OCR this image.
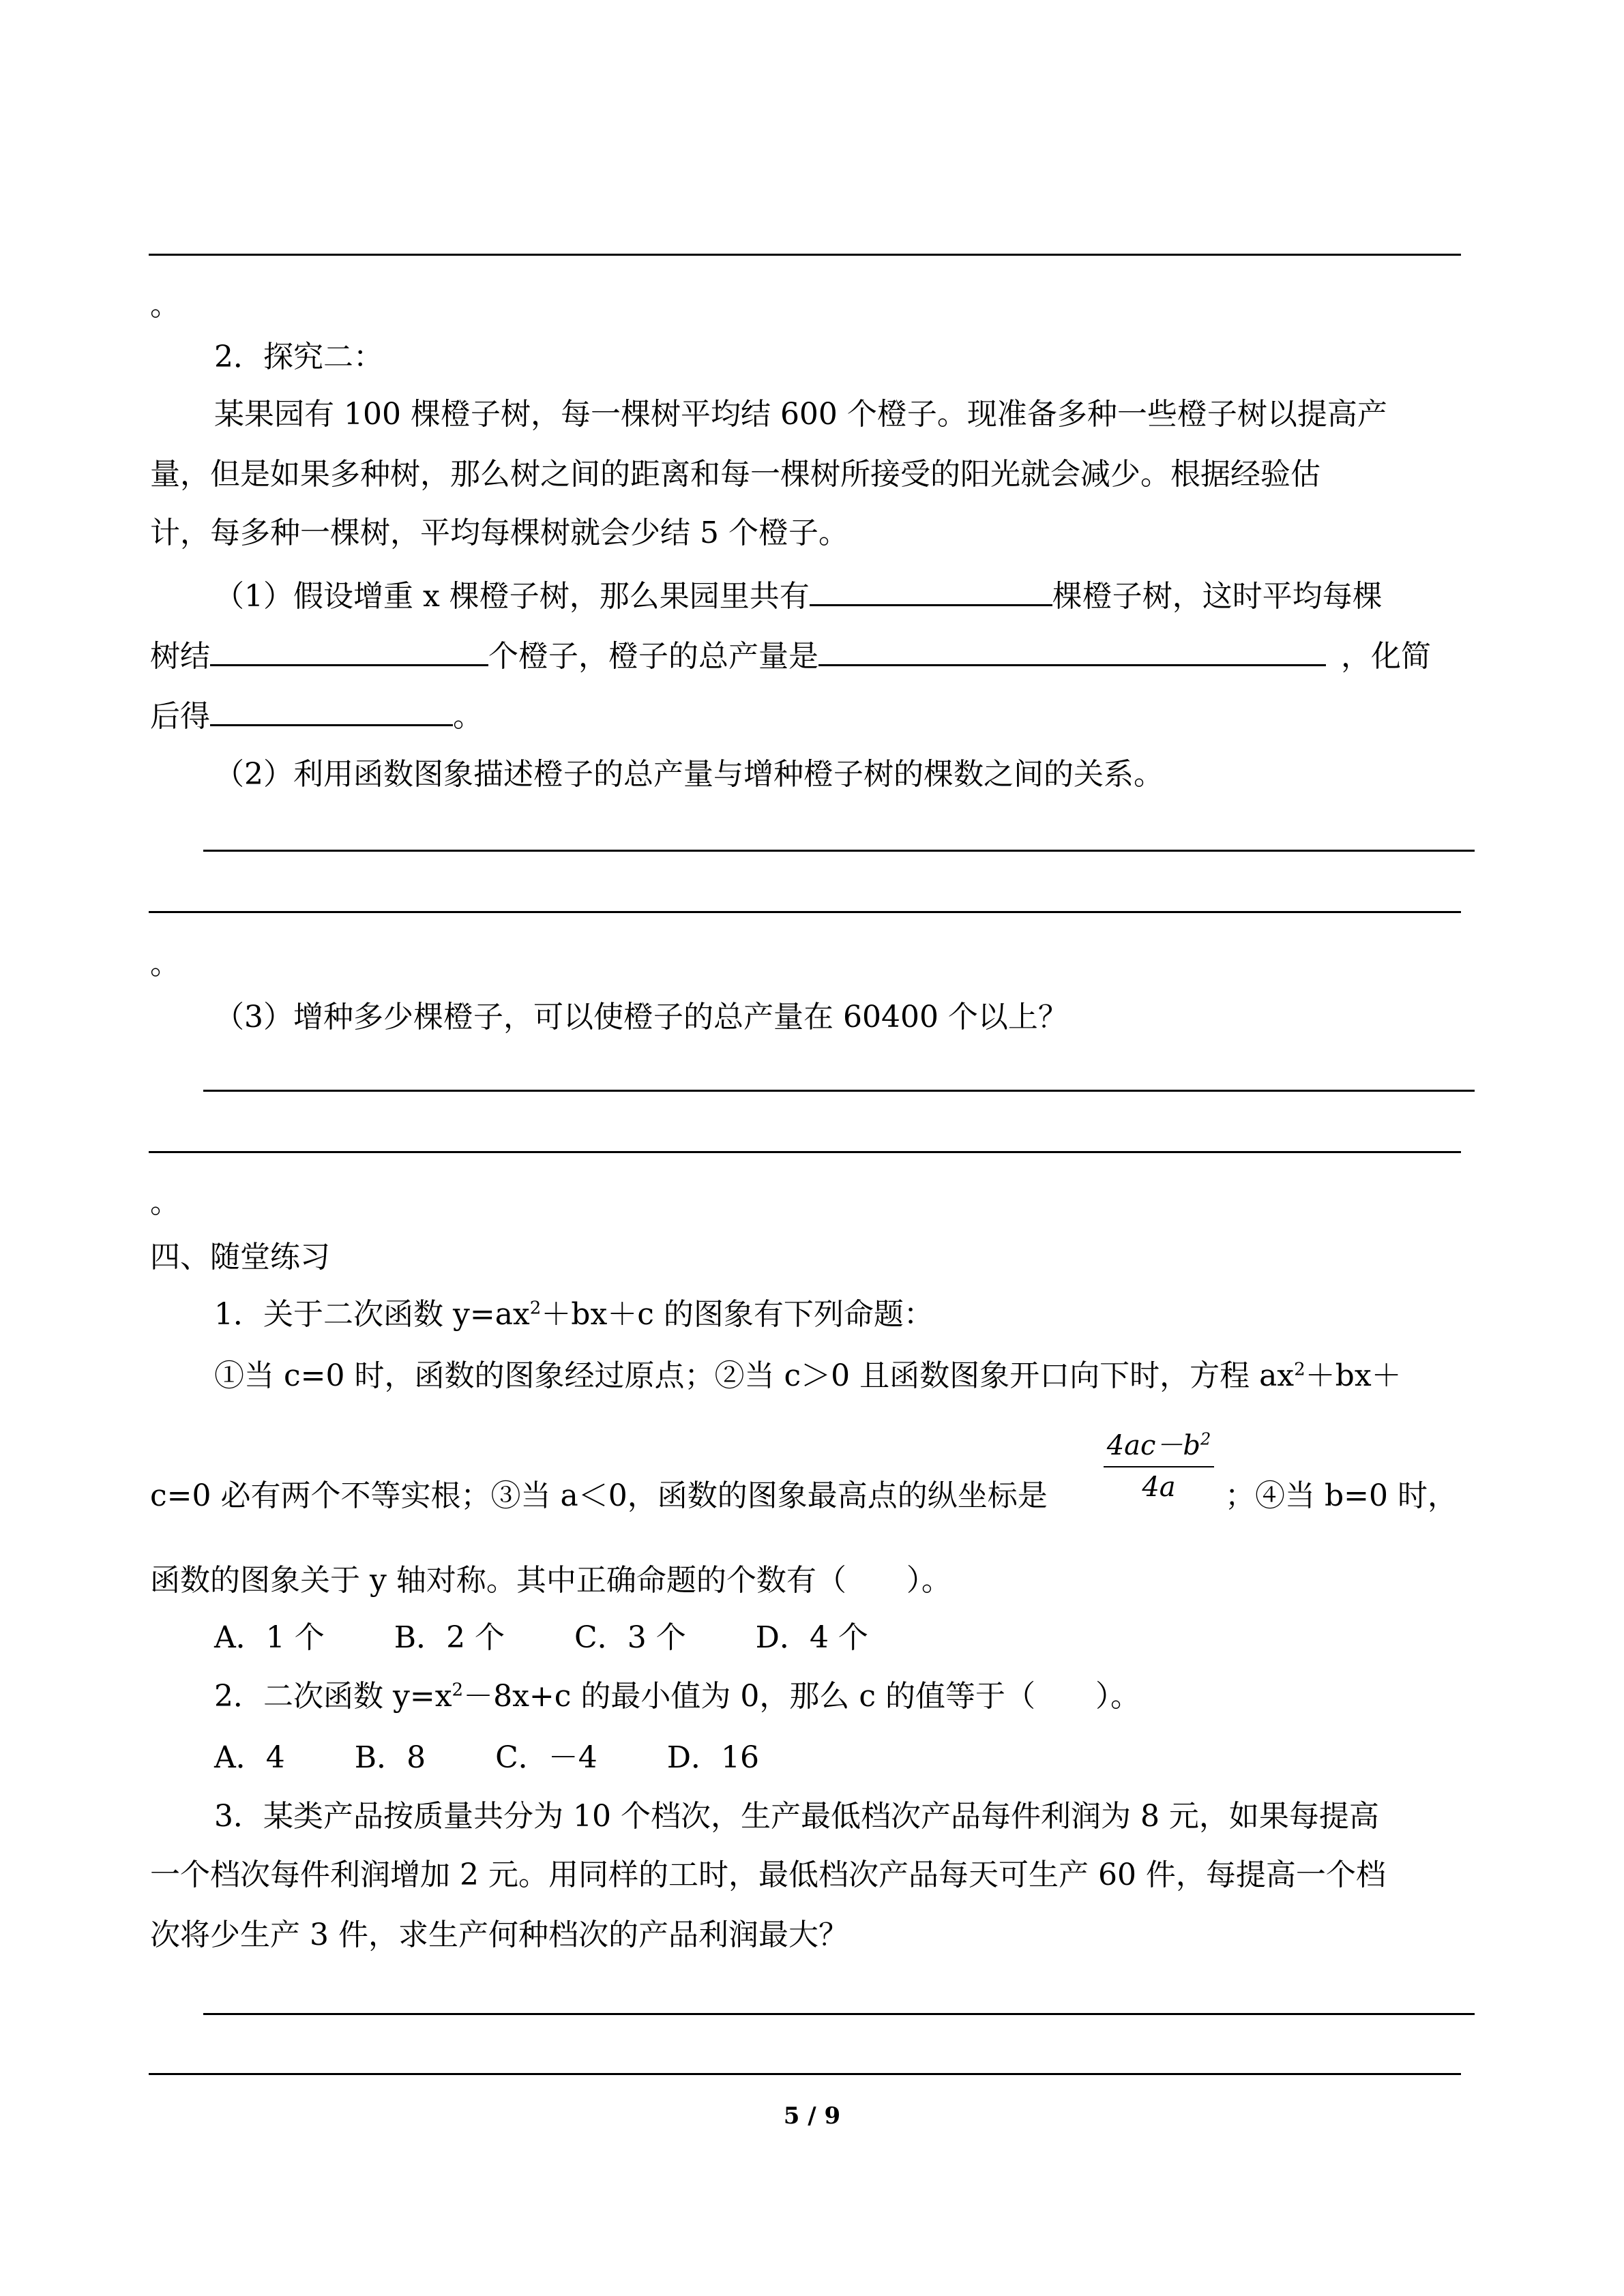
。
2．探究二：
某果园有 100 棵橙子树，每一棵树平均结 600 个橙子。现准备多种一些橙子树以提高产
量，但是如果多种树，那么树之间的距离和每一棵树所接受的阳光就会减少。根据经验估
计，每多种一棵树，平均每棵树就会少结 5 个橙子。
（1）假设增重 x 棵橙子树，那么果园里共有	棵橙子树，这时平均每棵
树结	个橙子，橙子的总产量是	，化简
后得	。
（2）利用函数图象描述橙子的总产量与增种橙子树的棵数之间的关系。
。
（3）增种多少棵橙子，可以使橙子的总产量在 60400 个以上？
。
四、随堂练习
1．关于二次函数 $y=ax^2+bx+c$ 的图象有下列命题：
①当 c=0 时，函数的图象经过原点；②当 c＞0 且函数图象开口向下时，方程 $ax^2+bx+$
c=0 必有两个不等实根；③当 a＜0，函数的图象最高点的纵坐标是
$4ac-b^2$
4a	；④当 b=0 时，
函数的图象关于 y 轴对称。其中正确命题的个数有（　　）。
A．1 个　　 B．2 个　　 C．3 个　　 D．4 个
2．二次函数 $y=x^2-8x+c$ 的最小值为 0，那么 c 的值等于（　　）。
A．4　　 B．8　　 C．－4　　 D．16
3．某类产品按质量共分为 10 个档次，生产最低档次产品每件利润为 8 元，如果每提高
一个档次每件利润增加 2 元。用同样的工时，最低档次产品每天可生产 60 件，每提高一个档
次将少生产 3 件，求生产何种档次的产品利润最大？
5 / 9
